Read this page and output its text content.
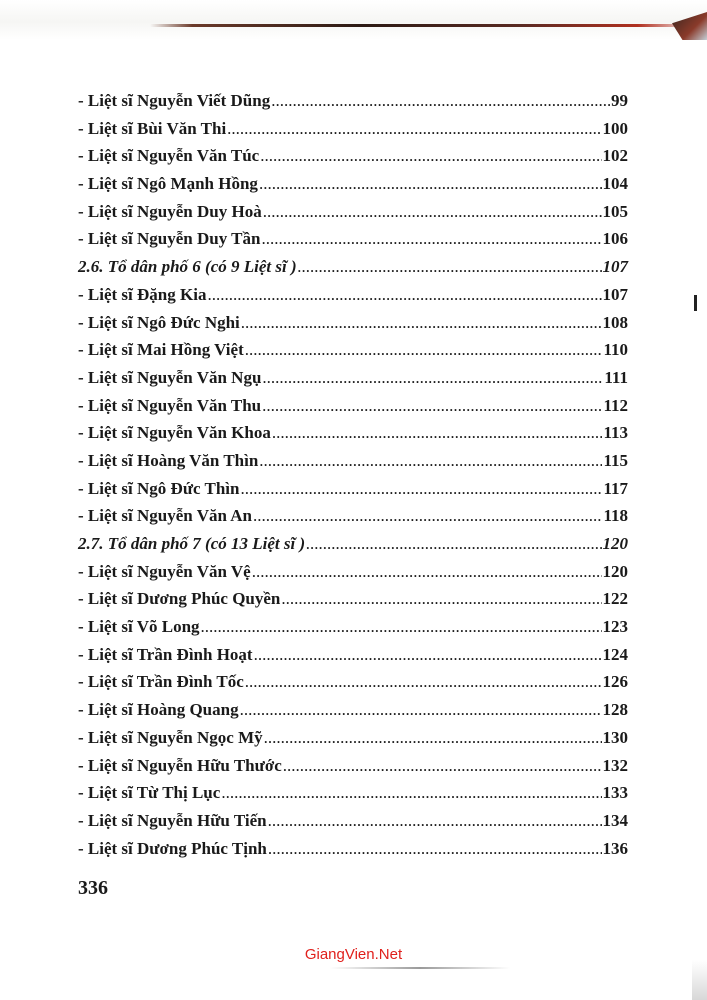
- Liệt sĩ Nguyễn Viết Dũng .....	99
- Liệt sĩ Bùi Văn Thi .....	100
- Liệt sĩ Nguyễn Văn Túc .....	102
- Liệt sĩ Ngô Mạnh Hồng .....	104
- Liệt sĩ Nguyễn Duy Hoà .....	105
- Liệt sĩ Nguyễn Duy Tần .....	106
2.6. Tổ dân phố 6 (có 9 Liệt sĩ ) .....	107
- Liệt sĩ Đặng Kia .....	107
- Liệt sĩ Ngô Đức Nghi .....	108
- Liệt sĩ Mai Hồng Việt .....	110
- Liệt sĩ Nguyễn Văn Ngụ .....	111
- Liệt sĩ Nguyễn Văn Thu .....	112
- Liệt sĩ Nguyễn Văn Khoa .....	113
- Liệt sĩ Hoàng Văn Thìn .....	115
- Liệt sĩ Ngô Đức Thìn .....	117
- Liệt sĩ Nguyễn Văn An .....	118
2.7. Tổ dân phố 7 (có 13 Liệt sĩ ) .....	120
- Liệt sĩ Nguyễn Văn Vệ .....	120
- Liệt sĩ Dương Phúc Quyền .....	122
- Liệt sĩ Võ Long .....	123
- Liệt sĩ Trần Đình Hoạt .....	124
- Liệt sĩ Trần Đình Tốc .....	126
- Liệt sĩ Hoàng Quang .....	128
- Liệt sĩ Nguyễn Ngọc Mỹ .....	130
- Liệt sĩ Nguyễn Hữu Thước .....	132
- Liệt sĩ Từ Thị Lục .....	133
- Liệt sĩ Nguyễn Hữu Tiến .....	134
- Liệt sĩ Dương Phúc Tịnh .....	136
336
GiangVien.Net
